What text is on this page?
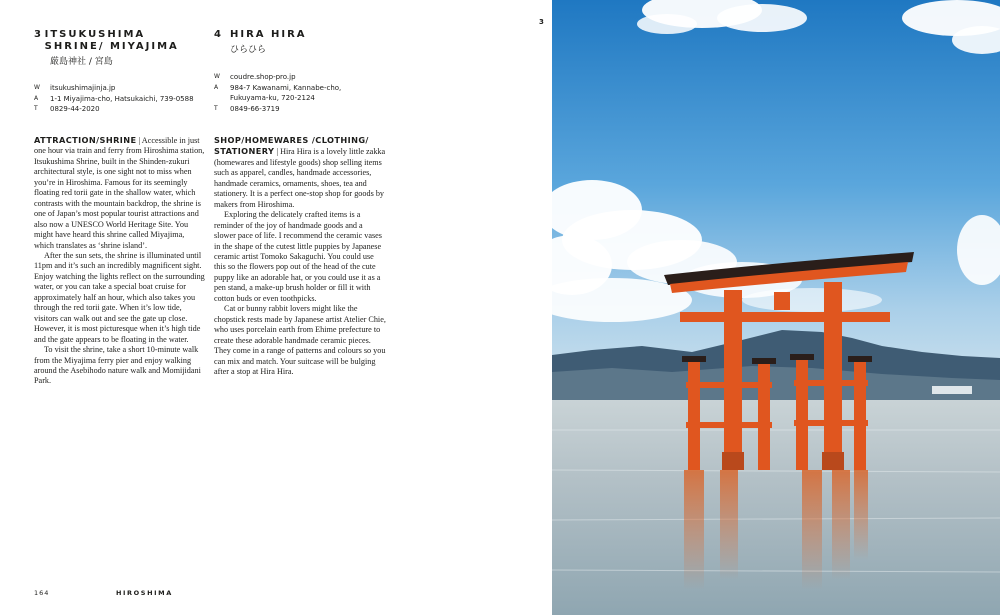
3 ITSUKUSHIMA SHRINE/ MIYAJIMA
厳島神社 / 宮島
4 HIRA HIRA
ひらひら
W	itsukushimajinja.jp
A	1-1 Miyajima-cho, Hatsukaichi, 739-0588
T	0829-44-2020
W	coudre.shop-pro.jp
A	984-7 Kawanami, Kannabe-cho,
Fukuyama-ku, 720-2124
T	0849-66-3719

ATTRACTION/SHRINE | Accessible in just one hour via train and ferry from Hiroshima station, Itsukushima Shrine, built in the Shinden-zukuri architectural style, is one sight not to miss when you’re in Hiroshima. Famous for its seemingly floating red torii gate in the shallow water, which contrasts with the mountain backdrop, the shrine is one of Japan’s most popular tourist attractions and also now a UNESCO World Heritage Site. You might have heard this shrine called Miyajima, which translates as ‘shrine island’.

After the sun sets, the shrine is illuminated until 11pm and it’s such an incredibly magnificent sight. Enjoy watching the lights reflect on the surrounding water, or you can take a special boat cruise for approximately half an hour, which also takes you through the red torii gate. When it’s low tide, visitors can walk out and see the gate up close. However, it is most picturesque when it’s high tide and the gate appears to be floating in the water.

To visit the shrine, take a short 10-minute walk from the Miyajima ferry pier and enjoy walking around the Asebihodo nature walk and Momijidani Park.

SHOP/HOMEWARES /CLOTHING/ STATIONERY | Hira Hira is a lovely little zakka (homewares and lifestyle goods) shop selling items such as apparel, candles, handmade accessories, handmade ceramics, ornaments, shoes, tea and stationery. It is a perfect one-stop shop for goods by makers from Hiroshima.

Exploring the delicately crafted items is a reminder of the joy of handmade goods and a slower pace of life. I recommend the ceramic vases in the shape of the cutest little puppies by Japanese ceramic artist Tomoko Sakaguchi. You could use this so the flowers pop out of the head of the cute puppy like an adorable hat, or you could use it as a pen stand, a make-up brush holder or fill it with cotton buds or even toothpicks.

Cat or bunny rabbit lovers might like the chopstick rests made by Japanese artist Atelier Chie, who uses porcelain earth from Ehime prefecture to create these adorable handmade ceramic pieces. They come in a range of patterns and colours so you can mix and match. Your suitcase will be bulging after a stop at Hira Hira.

164	HIROSHIMA
3
